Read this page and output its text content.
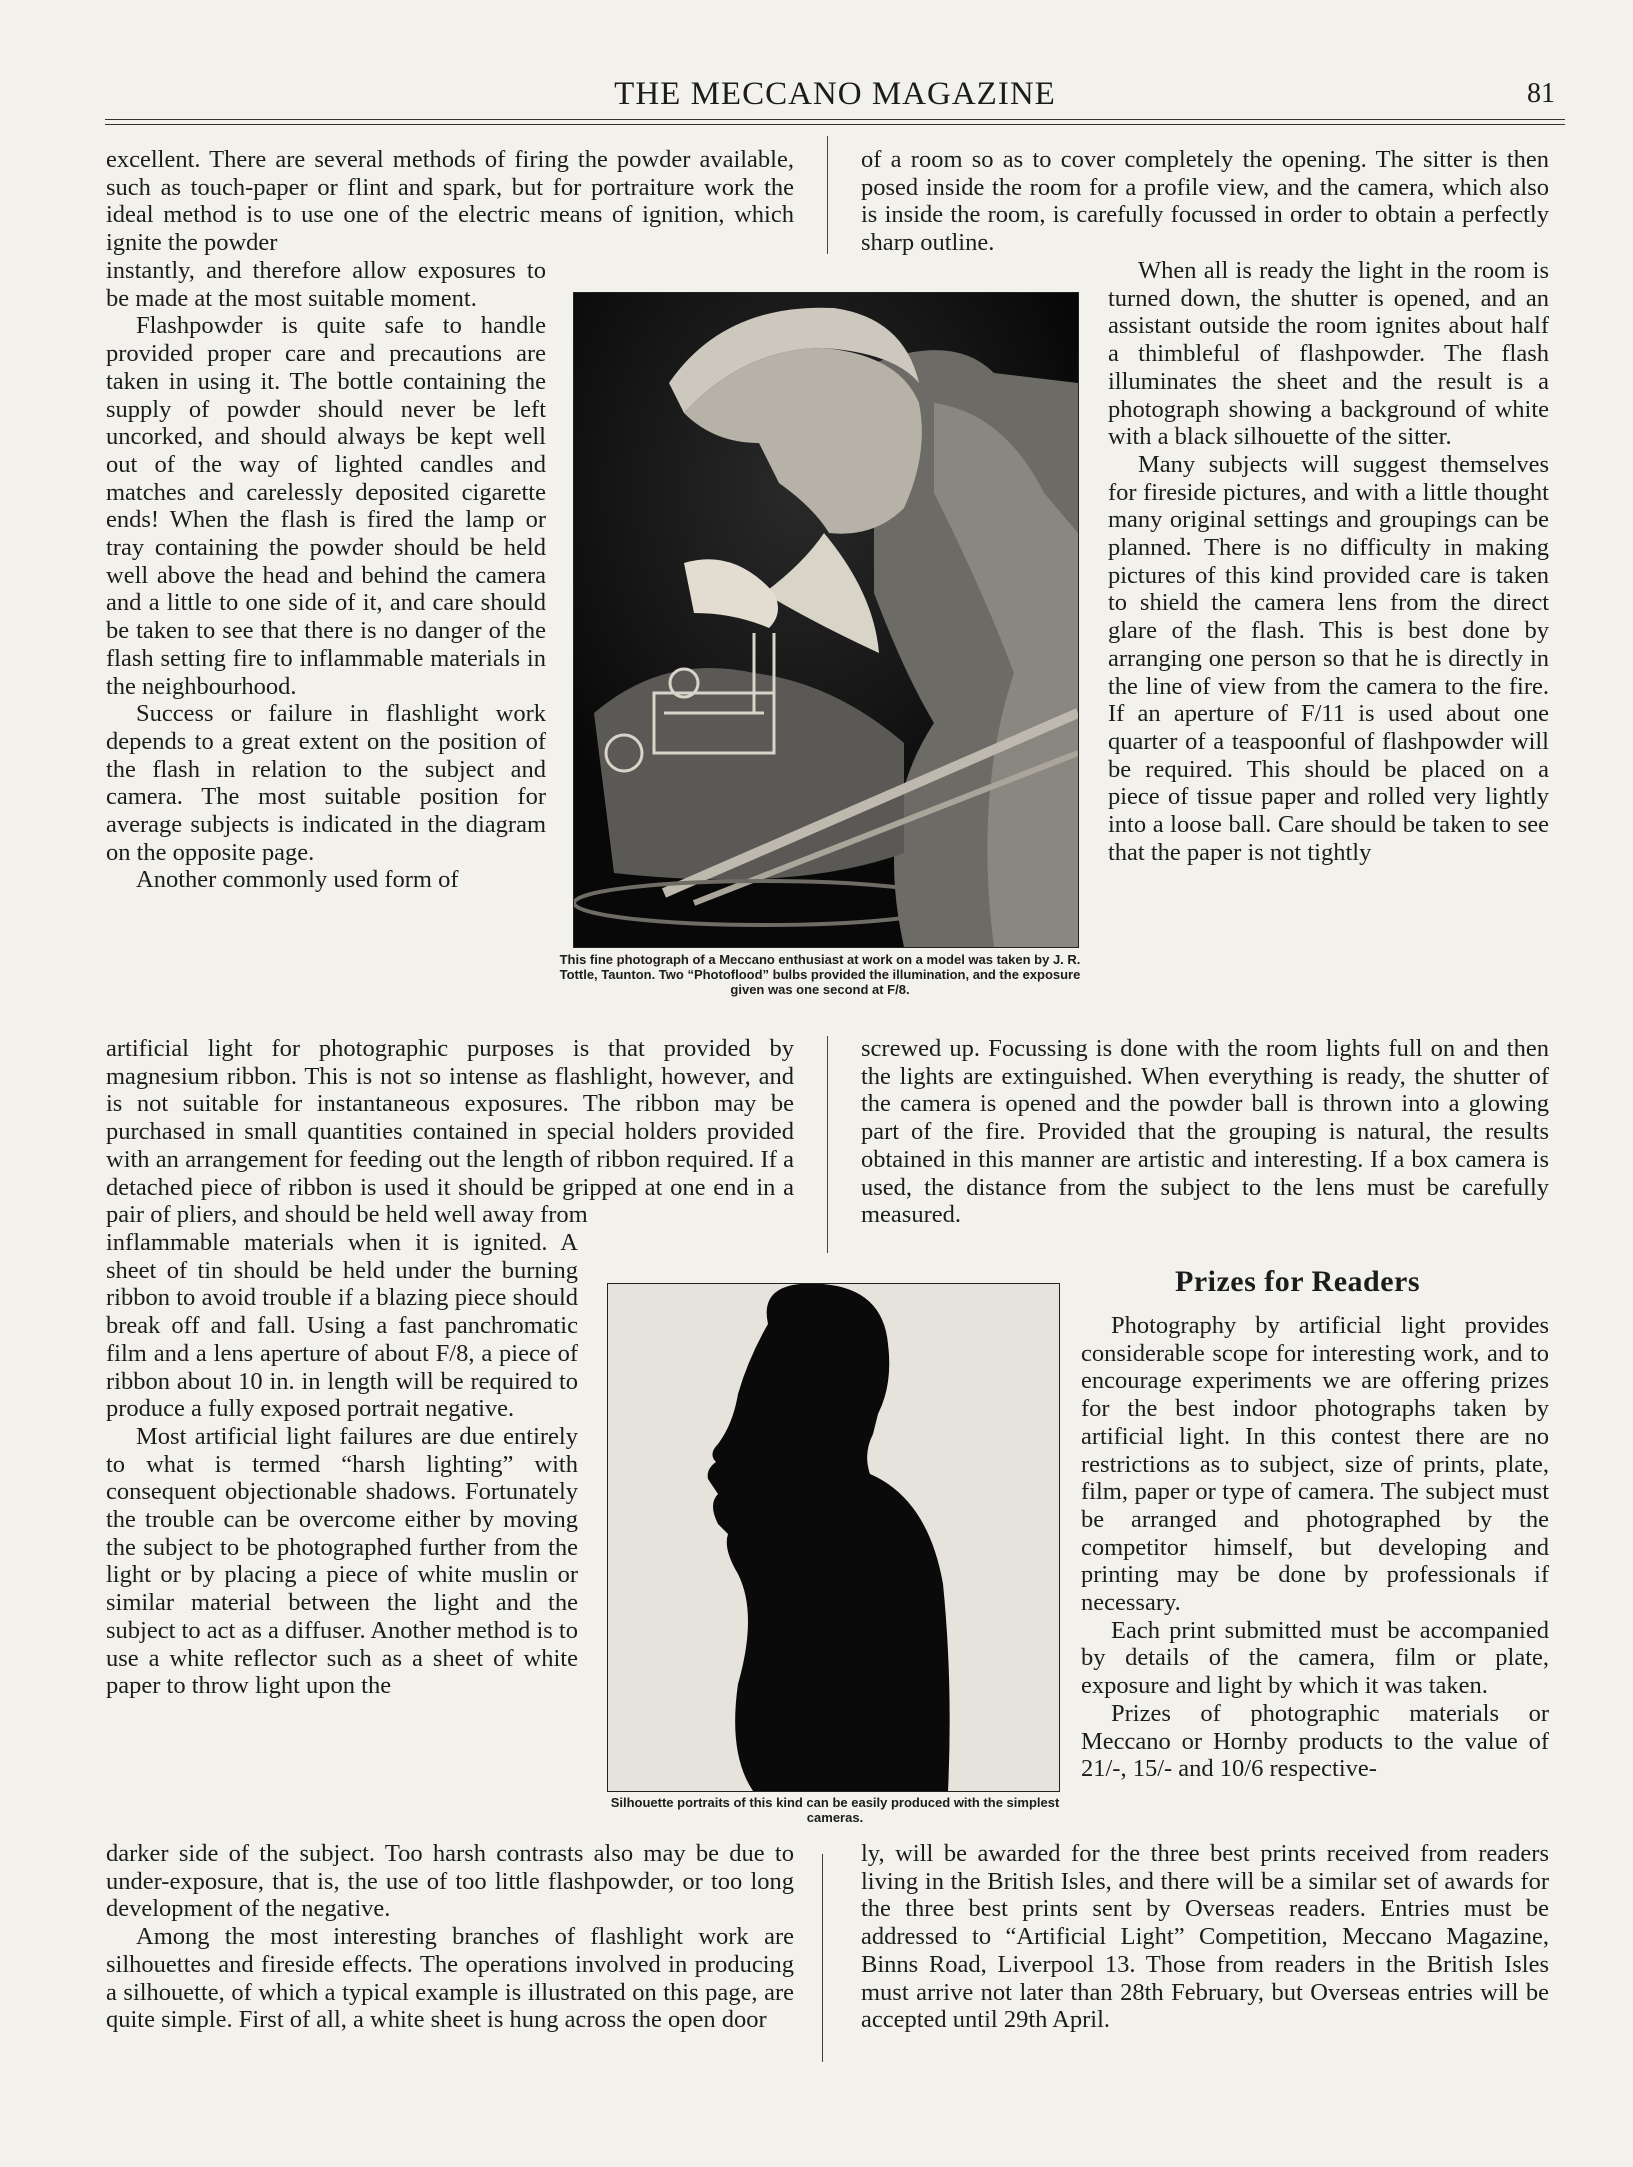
THE MECCANO MAGAZINE	81

excellent. There are several methods of firing the powder available, such as touch-paper or flint and spark, but for portraiture work the ideal method is to use one of the electric means of ignition, which ignite the powder

instantly, and therefore allow exposures to be made at the most suitable moment.

Flashpowder is quite safe to handle provided proper care and precautions are taken in using it. The bottle containing the supply of powder should never be left uncorked, and should always be kept well out of the way of lighted candles and matches and carelessly deposited cigarette ends! When the flash is fired the lamp or tray containing the powder should be held well above the head and behind the camera and a little to one side of it, and care should be taken to see that there is no danger of the flash setting fire to inflammable materials in the neighbourhood.

Success or failure in flashlight work depends to a great extent on the position of the flash in relation to the subject and camera. The most suitable position for average subjects is indicated in the diagram on the opposite page.

Another commonly used form of

artificial light for photographic purposes is that provided by magnesium ribbon. This is not so intense as flashlight, however, and is not suitable for instantaneous exposures. The ribbon may be purchased in small quantities contained in special holders provided with an arrangement for feeding out the length of ribbon required. If a detached piece of ribbon is used it should be gripped at one end in a pair of pliers, and should be held well away from

inflammable materials when it is ignited. A sheet of tin should be held under the burning ribbon to avoid trouble if a blazing piece should break off and fall. Using a fast panchromatic film and a lens aperture of about F/8, a piece of ribbon about 10 in. in length will be required to produce a fully exposed portrait negative.

Most artificial light failures are due entirely to what is termed “harsh lighting” with consequent objectionable shadows. Fortunately the trouble can be overcome either by moving the subject to be photographed further from the light or by placing a piece of white muslin or similar material between the light and the subject to act as a diffuser. Another method is to use a white reflector such as a sheet of white paper to throw light upon the

darker side of the subject. Too harsh contrasts also may be due to under-exposure, that is, the use of too little flashpowder, or too long development of the negative.

Among the most interesting branches of flashlight work are silhouettes and fireside effects. The operations involved in producing a silhouette, of which a typical example is illustrated on this page, are quite simple. First of all, a white sheet is hung across the open door

of a room so as to cover completely the opening. The sitter is then posed inside the room for a profile view, and the camera, which also is inside the room, is carefully focussed in order to obtain a perfectly sharp outline.

When all is ready the light in the room is turned down, the shutter is opened, and an assistant outside the room ignites about half a thimbleful of flashpowder. The flash illuminates the sheet and the result is a photograph showing a background of white with a black silhouette of the sitter.

Many subjects will suggest themselves for fireside pictures, and with a little thought many original settings and groupings can be planned. There is no difficulty in making pictures of this kind provided care is taken to shield the camera lens from the direct glare of the flash. This is best done by arranging one person so that he is directly in the line of view from the camera to the fire. If an aperture of F/11 is used about one quarter of a teaspoonful of flashpowder will be required. This should be placed on a piece of tissue paper and rolled very lightly into a loose ball. Care should be taken to see that the paper is not tightly

screwed up. Focussing is done with the room lights full on and then the lights are extinguished. When everything is ready, the shutter of the camera is opened and the powder ball is thrown into a glowing part of the fire. Provided that the grouping is natural, the results obtained in this manner are artistic and interesting. If a box camera is used, the distance from the subject to the lens must be carefully measured.

Prizes for Readers

Photography by artificial light provides considerable scope for interesting work, and to encourage experiments we are offering prizes for the best indoor photographs taken by artificial light. In this contest there are no restrictions as to subject, size of prints, plate, film, paper or type of camera. The subject must be arranged and photographed by the competitor himself, but developing and printing may be done by professionals if necessary.

Each print submitted must be accompanied by details of the camera, film or plate, exposure and light by which it was taken.

Prizes of photographic materials or Meccano or Hornby products to the value of 21/-, 15/- and 10/6 respective-

ly, will be awarded for the three best prints received from readers living in the British Isles, and there will be a similar set of awards for the three best prints sent by Overseas readers. Entries must be addressed to “Artificial Light” Competition, Meccano Magazine, Binns Road, Liverpool 13. Those from readers in the British Isles must arrive not later than 28th February, but Overseas entries will be accepted until 29th April.

This fine photograph of a Meccano enthusiast at work on a model was taken by J. R. Tottle, Taunton. Two “Photoflood” bulbs provided the illumination, and the exposure given was one second at F/8.
Silhouette portraits of this kind can be easily produced with the simplest cameras.
